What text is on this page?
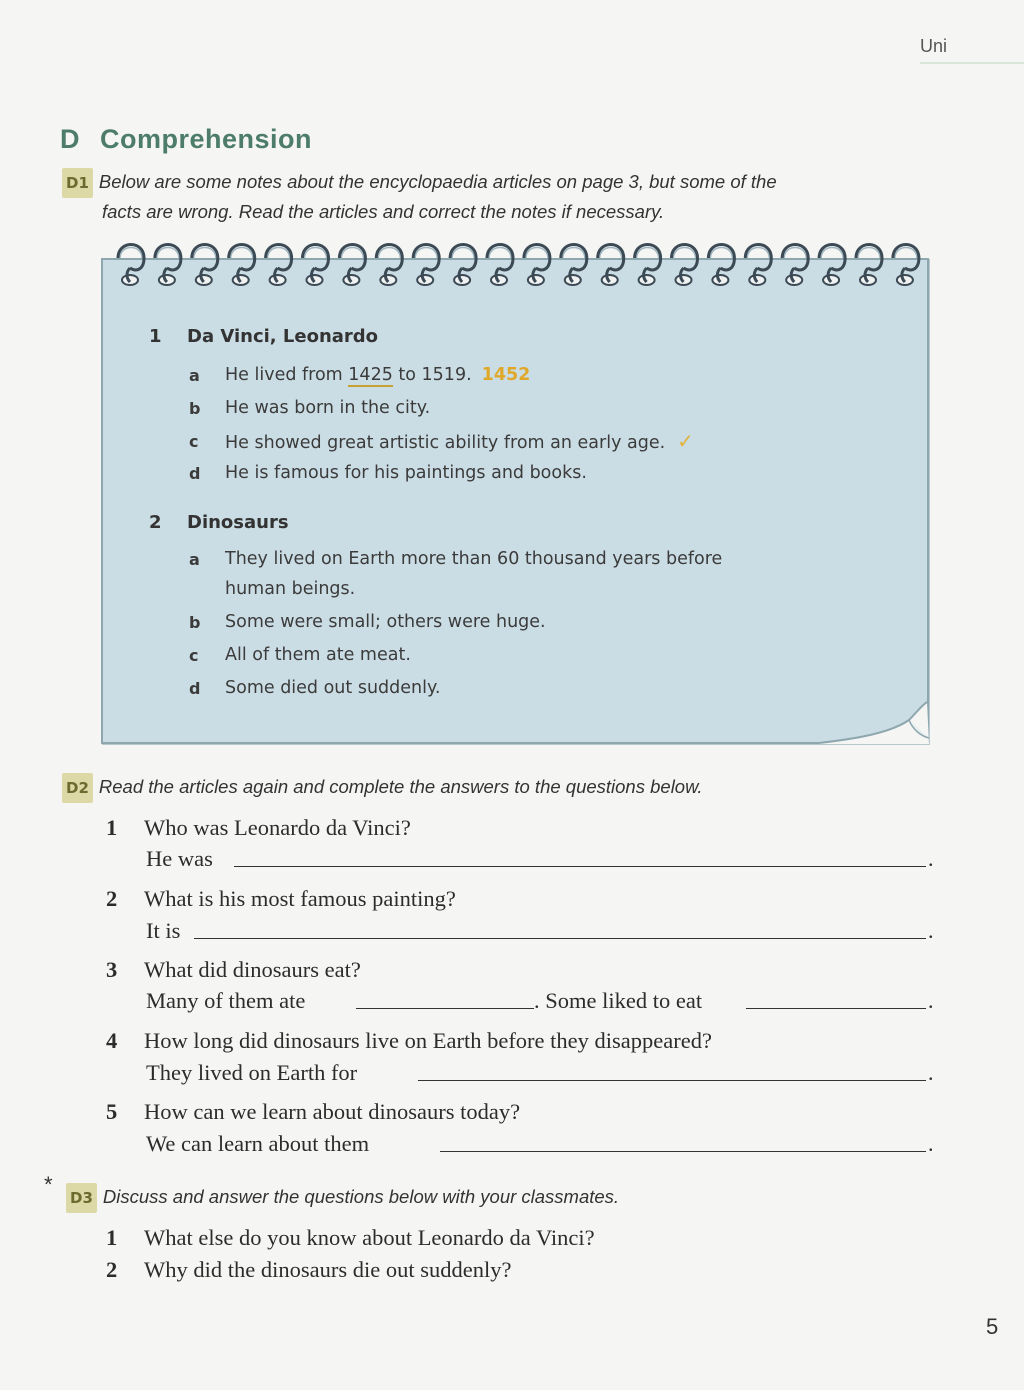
Uni
D Comprehension
D1 Below are some notes about the encyclopaedia articles on page 3, but some of the
facts are wrong. Read the articles and correct the notes if necessary.
1 Da Vinci, Leonardo
a He lived from 1425 to 1519. 1452
b He was born in the city.
c He showed great artistic ability from an early age. ✓
d He is famous for his paintings and books.
2 Dinosaurs
a They lived on Earth more than 60 thousand years before
human beings.
b Some were small; others were huge.
c All of them ate meat.
d Some died out suddenly.
D2 Read the articles again and complete the answers to the questions below.
1 Who was Leonardo da Vinci?
He was	.
2 What is his most famous painting?
It is	.
3 What did dinosaurs eat?
Many of them ate	. Some liked to eat	.
4 How long did dinosaurs live on Earth before they disappeared?
They lived on Earth for	.
5 How can we learn about dinosaurs today?
We can learn about them	.
*
D3 Discuss and answer the questions below with your classmates.
1 What else do you know about Leonardo da Vinci?
2 Why did the dinosaurs die out suddenly?
5
